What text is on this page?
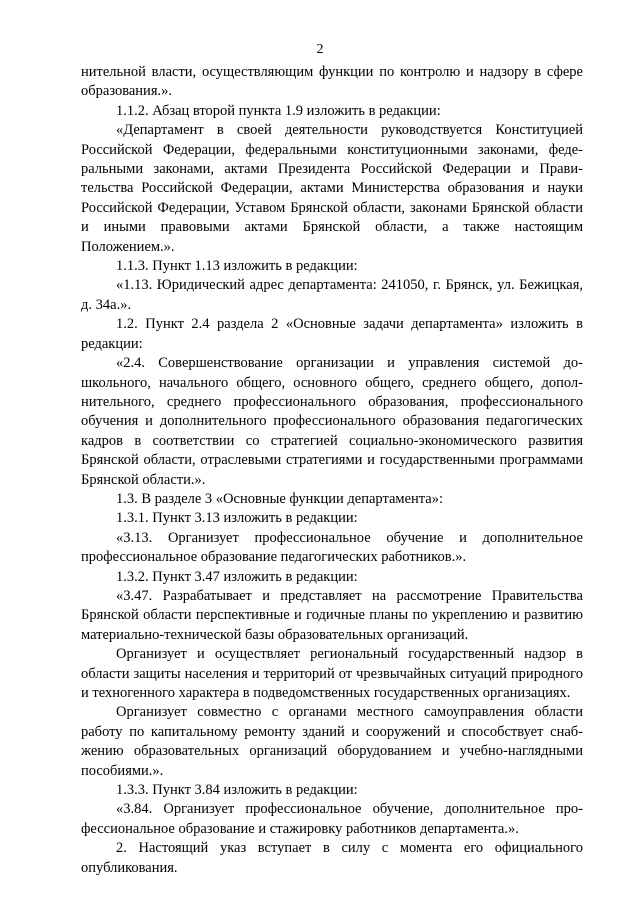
2

нительной власти, осуществляющим функции по контролю и надзору в сфере образования.».

1.1.2. Абзац второй пункта 1.9 изложить в редакции:

«Департамент в своей деятельности руководствуется Конституцией Российской Федерации, федеральными конституционными законами, федеральными законами, актами Президента Российской Федерации и Правительства Российской Федерации, актами Министерства образования и науки Российской Федерации, Уставом Брянской области, законами Брянской области и иными правовыми актами Брянской области, а также настоящим Положением.».

1.1.3. Пункт 1.13 изложить в редакции:

«1.13. Юридический адрес департамента: 241050, г. Брянск, ул. Бежицкая, д. 34а.».

1.2. Пункт 2.4 раздела 2 «Основные задачи департамента» изложить в редакции:

«2.4. Совершенствование организации и управления системой дошкольного, начального общего, основного общего, среднего общего, дополнительного, среднего профессионального образования, профессионального обучения и дополнительного профессионального образования педагогических кадров в соответствии со стратегией социально-экономического развития Брянской области, отраслевыми стратегиями и государственными программами Брянской области.».

1.3. В разделе 3 «Основные функции департамента»:

1.3.1. Пункт 3.13 изложить в редакции:

«3.13. Организует профессиональное обучение и дополнительное профессиональное образование педагогических работников.».

1.3.2. Пункт 3.47 изложить в редакции:

«3.47. Разрабатывает и представляет на рассмотрение Правительства Брянской области перспективные и годичные планы по укреплению и развитию материально-технической базы образовательных организаций.

Организует и осуществляет региональный государственный надзор в области защиты населения и территорий от чрезвычайных ситуаций природного и техногенного характера в подведомственных государственных организациях.

Организует совместно с органами местного самоуправления области работу по капитальному ремонту зданий и сооружений и способствует снабжению образовательных организаций оборудованием и учебно-наглядными пособиями.».

1.3.3. Пункт 3.84 изложить в редакции:

«3.84. Организует профессиональное обучение, дополнительное профессиональное образование и стажировку работников департамента.».

2. Настоящий указ вступает в силу с момента его официального опубликования.
